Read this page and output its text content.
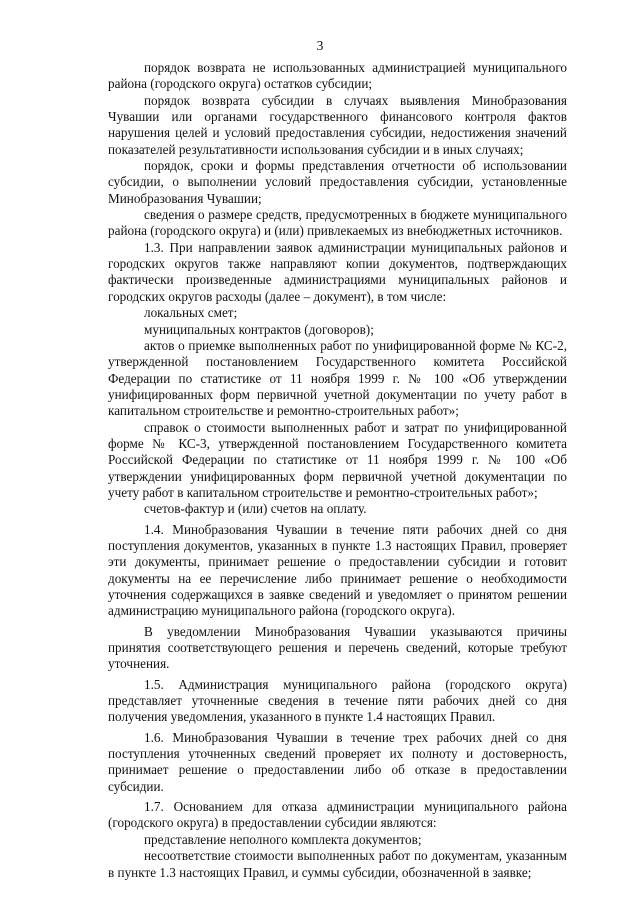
3

порядок возврата не использованных администрацией муниципального района (городского округа) остатков субсидии;

порядок возврата субсидии в случаях выявления Минобразования Чувашии или органами государственного финансового контроля фактов нарушения целей и условий предоставления субсидии, недостижения значений показателей результативности использования субсидии и в иных случаях;

порядок, сроки и формы представления отчетности об использовании субсидии, о выполнении условий предоставления субсидии, установленные Минобразования Чувашии;

сведения о размере средств, предусмотренных в бюджете муниципального района (городского округа) и (или) привлекаемых из внебюджетных источников.

1.3. При направлении заявок администрации муниципальных районов и городских округов также направляют копии документов, подтверждающих фактически произведенные администрациями муниципальных районов и городских округов расходы (далее – документ), в том числе:

локальных смет;

муниципальных контрактов (договоров);

актов о приемке выполненных работ по унифицированной форме № КС-2, утвержденной постановлением Государственного комитета Российской Федерации по статистике от 11 ноября 1999 г. № 100 «Об утверждении унифицированных форм первичной учетной документации по учету работ в капитальном строительстве и ремонтно-строительных работ»;

справок о стоимости выполненных работ и затрат по унифицированной форме № КС-3, утвержденной постановлением Государственного комитета Российской Федерации по статистике от 11 ноября 1999 г. № 100 «Об утверждении унифицированных форм первичной учетной документации по учету работ в капитальном строительстве и ремонтно-строительных работ»;

счетов-фактур и (или) счетов на оплату.

1.4. Минобразования Чувашии в течение пяти рабочих дней со дня поступления документов, указанных в пункте 1.3 настоящих Правил, проверяет эти документы, принимает решение о предоставлении субсидии и готовит документы на ее перечисление либо принимает решение о необходимости уточнения содержащихся в заявке сведений и уведомляет о принятом решении администрацию муниципального района (городского округа).

В уведомлении Минобразования Чувашии указываются причины принятия соответствующего решения и перечень сведений, которые требуют уточнения.

1.5. Администрация муниципального района (городского округа) представляет уточненные сведения в течение пяти рабочих дней со дня получения уведомления, указанного в пункте 1.4 настоящих Правил.

1.6. Минобразования Чувашии в течение трех рабочих дней со дня поступления уточненных сведений проверяет их полноту и достоверность, принимает решение о предоставлении либо об отказе в предоставлении субсидии.

1.7. Основанием для отказа администрации муниципального района (городского округа) в предоставлении субсидии являются:

представление неполного комплекта документов;

несоответствие стоимости выполненных работ по документам, указанным в пункте 1.3 настоящих Правил, и суммы субсидии, обозначенной в заявке;
